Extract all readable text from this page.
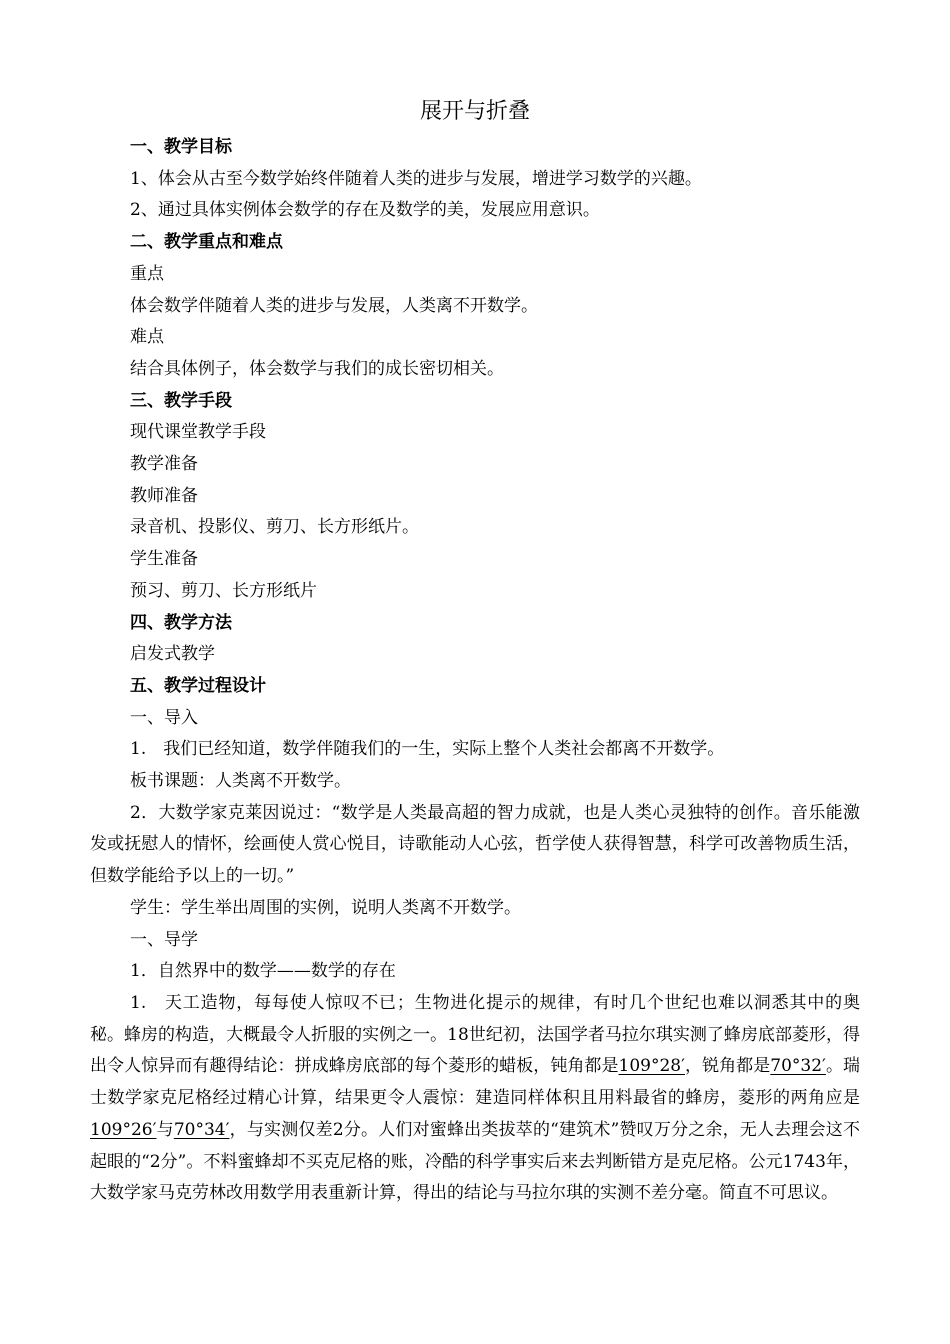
展开与折叠

一、教学目标

1、体会从古至今数学始终伴随着人类的进步与发展，增进学习数学的兴趣。

2、通过具体实例体会数学的存在及数学的美，发展应用意识。

二、教学重点和难点

重点

体会数学伴随着人类的进步与发展，人类离不开数学。

难点

结合具体例子，体会数学与我们的成长密切相关。

三、教学手段

现代课堂教学手段

教学准备

教师准备

录音机、投影仪、剪刀、长方形纸片。

学生准备

预习、剪刀、长方形纸片

四、教学方法

启发式教学

五、教学过程设计

一、导入

1.　我们已经知道，数学伴随我们的一生，实际上整个人类社会都离不开数学。

板书课题：人类离不开数学。

2．大数学家克莱因说过：“数学是人类最高超的智力成就，也是人类心灵独特的创作。音乐能激发或抚慰人的情怀，绘画使人赏心悦目，诗歌能动人心弦，哲学使人获得智慧，科学可改善物质生活，但数学能给予以上的一切。”

学生：学生举出周围的实例，说明人类离不开数学。

一、导学

1．自然界中的数学——数学的存在

1.　天工造物，每每使人惊叹不已；生物进化提示的规律，有时几个世纪也难以洞悉其中的奥秘。蜂房的构造，大概最令人折服的实例之一。18世纪初，法国学者马拉尔琪实测了蜂房底部菱形，得出令人惊异而有趣得结论：拼成蜂房底部的每个菱形的蜡板，钝角都是109°28′，锐角都是70°32′。瑞士数学家克尼格经过精心计算，结果更令人震惊：建造同样体积且用料最省的蜂房，菱形的两角应是109°26′与70°34′，与实测仅差2分。人们对蜜蜂出类拔萃的“建筑术”赞叹万分之余，无人去理会这不起眼的“2分”。不料蜜蜂却不买克尼格的账，冷酷的科学事实后来去判断错方是克尼格。公元1743年，大数学家马克劳林改用数学用表重新计算，得出的结论与马拉尔琪的实测不差分毫。简直不可思议。
